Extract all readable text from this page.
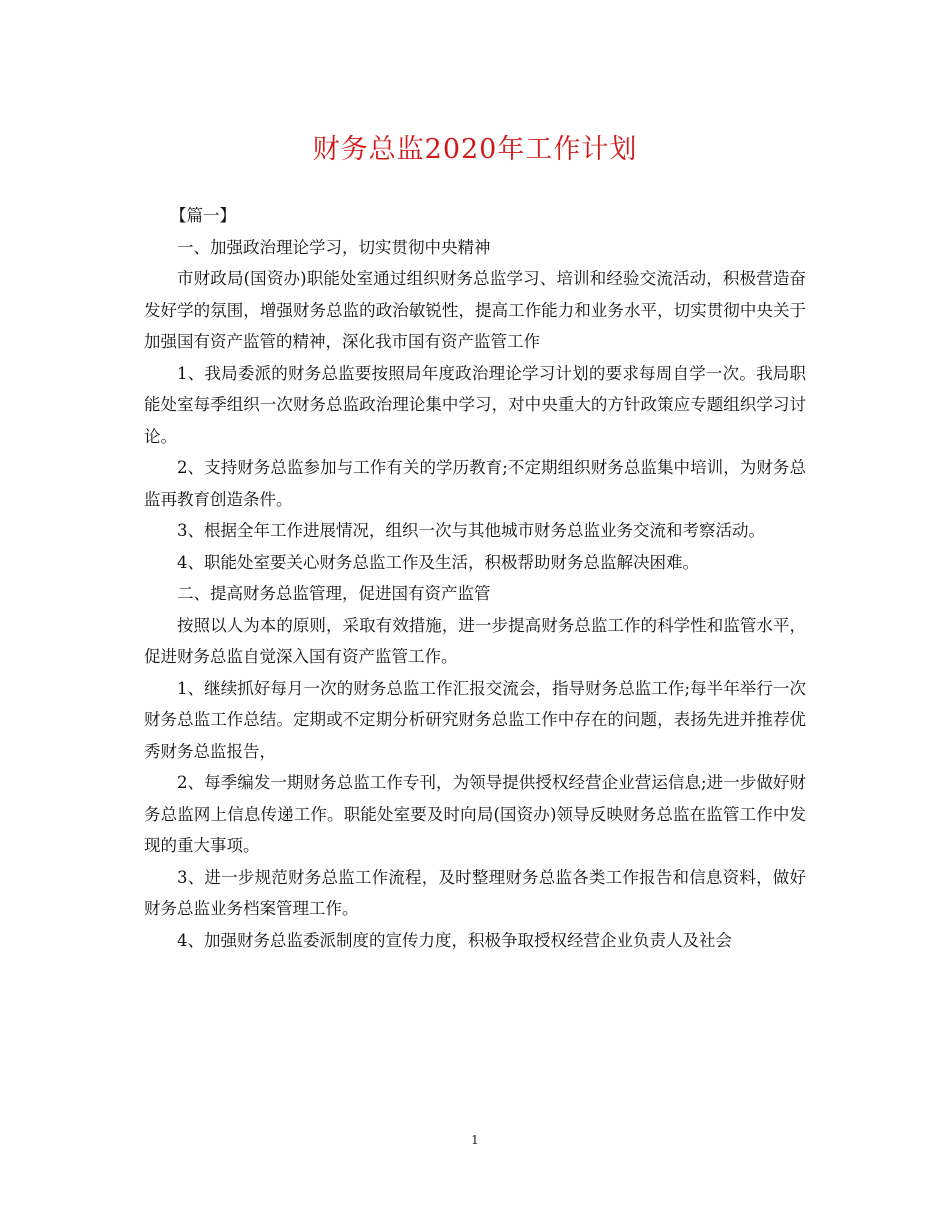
财务总监2020年工作计划

【篇一】

一、加强政治理论学习，切实贯彻中央精神

市财政局(国资办)职能处室通过组织财务总监学习、培训和经验交流活动，积极营造奋发好学的氛围，增强财务总监的政治敏锐性，提高工作能力和业务水平，切实贯彻中央关于加强国有资产监管的精神，深化我市国有资产监管工作

1、我局委派的财务总监要按照局年度政治理论学习计划的要求每周自学一次。我局职能处室每季组织一次财务总监政治理论集中学习，对中央重大的方针政策应专题组织学习讨论。

2、支持财务总监参加与工作有关的学历教育;不定期组织财务总监集中培训，为财务总监再教育创造条件。

3、根据全年工作进展情况，组织一次与其他城市财务总监业务交流和考察活动。

4、职能处室要关心财务总监工作及生活，积极帮助财务总监解决困难。

二、提高财务总监管理，促进国有资产监管

按照以人为本的原则，采取有效措施，进一步提高财务总监工作的科学性和监管水平，促进财务总监自觉深入国有资产监管工作。

1、继续抓好每月一次的财务总监工作汇报交流会，指导财务总监工作;每半年举行一次财务总监工作总结。定期或不定期分析研究财务总监工作中存在的问题，表扬先进并推荐优秀财务总监报告，

2、每季编发一期财务总监工作专刊，为领导提供授权经营企业营运信息;进一步做好财务总监网上信息传递工作。职能处室要及时向局(国资办)领导反映财务总监在监管工作中发现的重大事项。

3、进一步规范财务总监工作流程，及时整理财务总监各类工作报告和信息资料，做好财务总监业务档案管理工作。

4、加强财务总监委派制度的宣传力度，积极争取授权经营企业负责人及社会

1
